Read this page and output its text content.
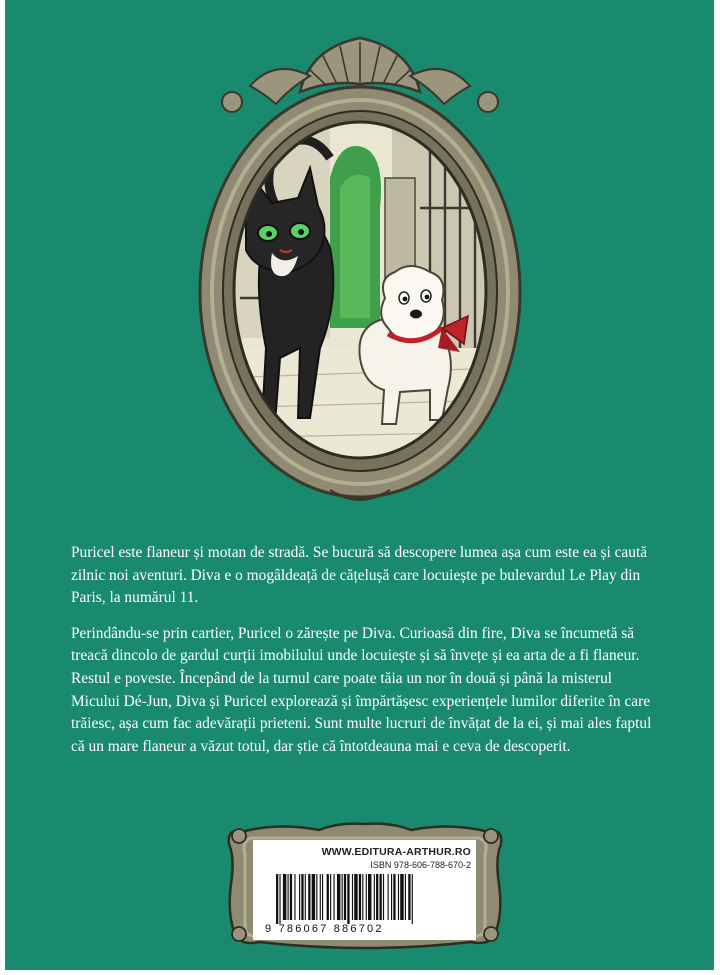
Puricel este flaneur și motan de stradă. Se bucură să descopere lumea așa cum este ea și caută zilnic noi aventuri. Diva e o mogâldeață de cățelușă care locuiește pe bulevardul Le Play din Paris, la numărul 11.

Perindându-se prin cartier, Puricel o zărește pe Diva. Curioasă din fire, Diva se încumetă să treacă dincolo de gardul curții imobilului unde locuiește și să învețe și ea arta de a fi flaneur. Restul e poveste. Începând de la turnul care poate tăia un nor în două și până la misterul Micului Dé-Jun, Diva și Puricel explorează și împărtășesc experiențele lumilor diferite în care trăiesc, așa cum fac adevărații prieteni. Sunt multe lucruri de învățat de la ei, și mai ales faptul că un mare flaneur a văzut totul, dar știe că întotdeauna mai e ceva de descoperit.

WWW.EDITURA-ARTHUR.RO
ISBN 978-606-788-670-2
9 786067 886702
